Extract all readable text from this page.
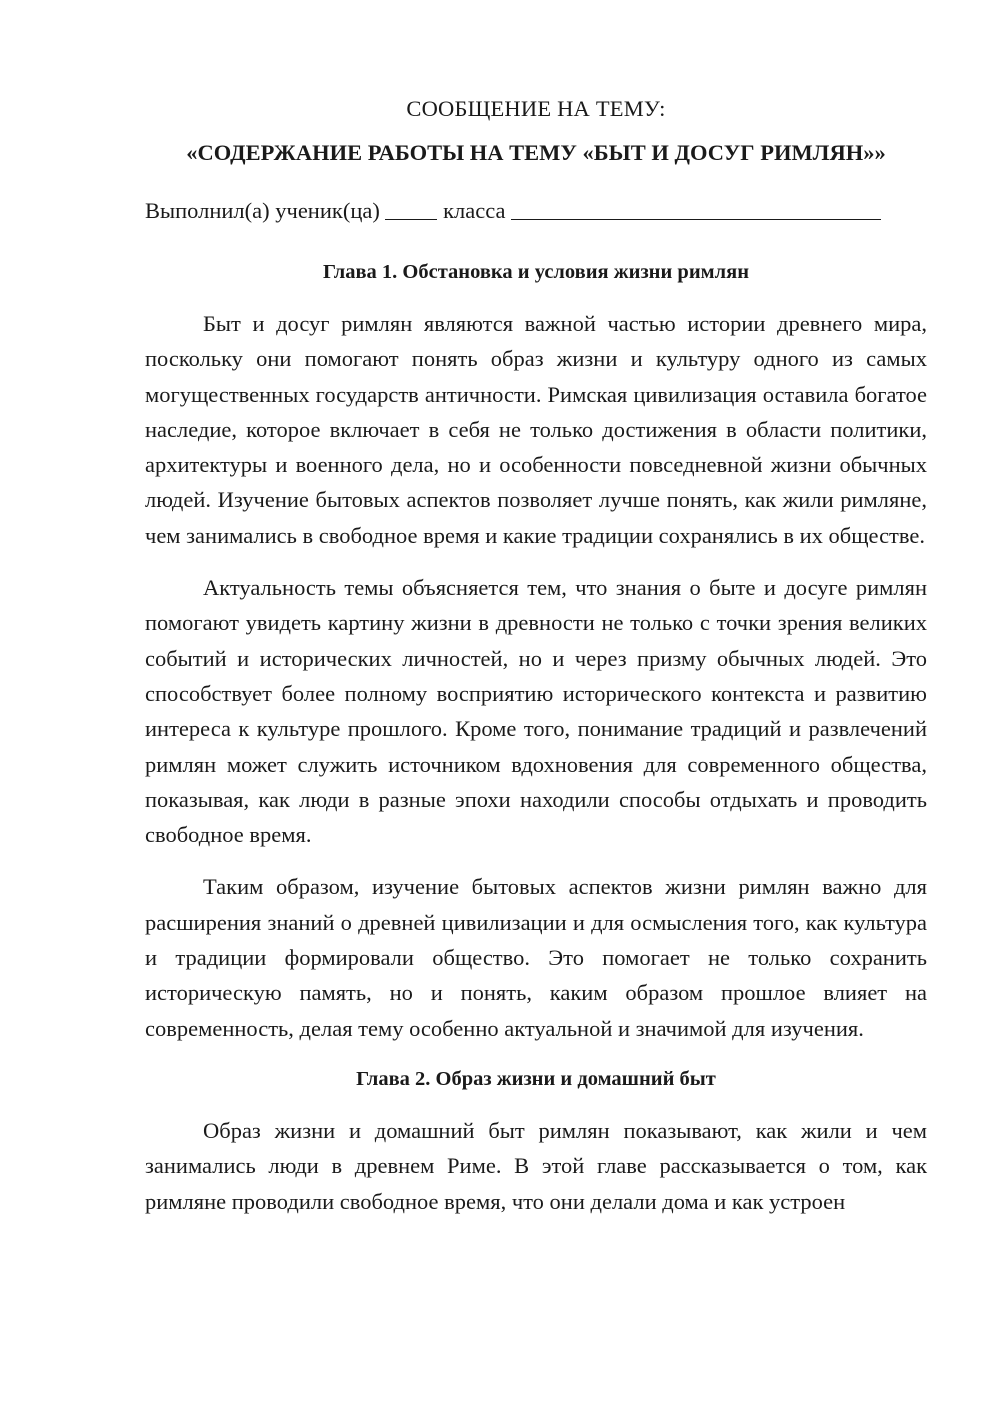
СООБЩЕНИЕ НА ТЕМУ:
«СОДЕРЖАНИЕ РАБОТЫ НА ТЕМУ «БЫТ И ДОСУГ РИМЛЯН»»
Выполнил(а) ученик(ца)	класса
Глава 1. Обстановка и условия жизни римлян

Быт и досуг римлян являются важной частью истории древнего мира, поскольку они помогают понять образ жизни и культуру одного из самых могущественных государств античности. Римская цивилизация оставила богатое наследие, которое включает в себя не только достижения в области политики, архитектуры и военного дела, но и особенности повседневной жизни обычных людей. Изучение бытовых аспектов позволяет лучше понять, как жили римляне, чем занимались в свободное время и какие традиции сохранялись в их обществе.

Актуальность темы объясняется тем, что знания о быте и досуге римлян помогают увидеть картину жизни в древности не только с точки зрения великих событий и исторических личностей, но и через призму обычных людей. Это способствует более полному восприятию исторического контекста и развитию интереса к культуре прошлого. Кроме того, понимание традиций и развлечений римлян может служить источником вдохновения для современного общества, показывая, как люди в разные эпохи находили способы отдыхать и проводить свободное время.

Таким образом, изучение бытовых аспектов жизни римлян важно для расширения знаний о древней цивилизации и для осмысления того, как культура и традиции формировали общество. Это помогает не только сохранить историческую память, но и понять, каким образом прошлое влияет на современность, делая тему особенно актуальной и значимой для изучения.

Глава 2. Образ жизни и домашний быт

Образ жизни и домашний быт римлян показывают, как жили и чем занимались люди в древнем Риме. В этой главе рассказывается о том, как римляне проводили свободное время, что они делали дома и как устроен
